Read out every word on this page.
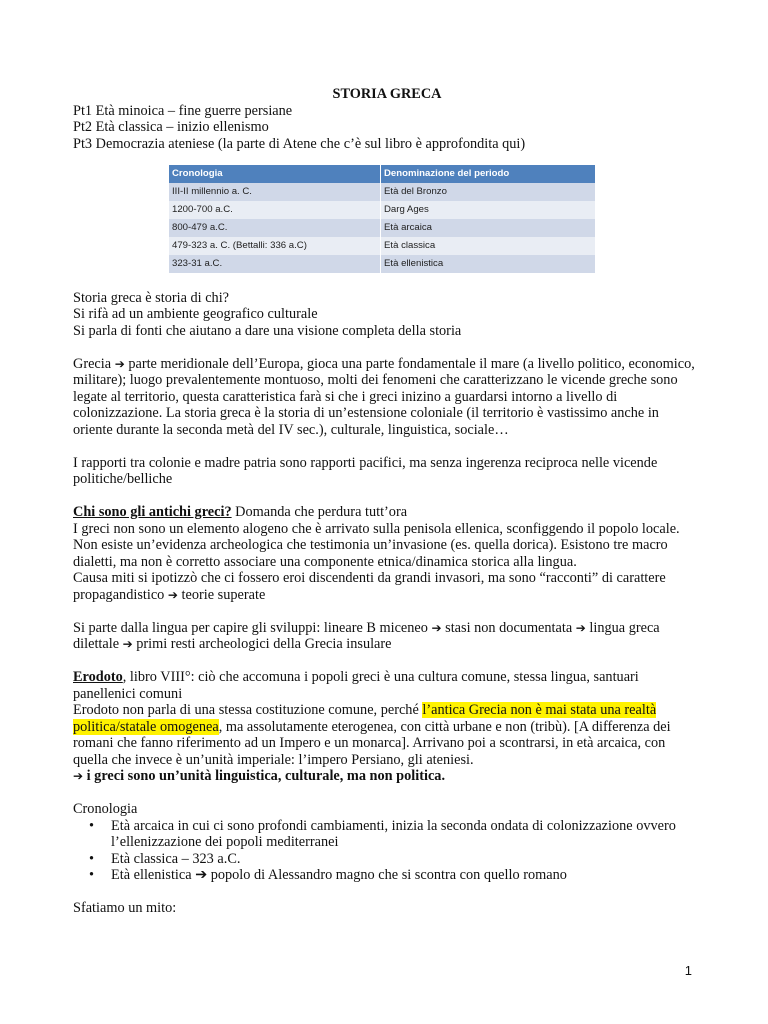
STORIA GRECA

Pt1 Età minoica – fine guerre persiane

Pt2 Età classica – inizio ellenismo

Pt3 Democrazia ateniese (la parte di Atene che c’è sul libro è approfondita qui)

Cronologia	Denominazione del periodo
III-II millennio a. C.	Età del Bronzo
1200-700 a.C.	Darg Ages
800-479 a.C.	Età arcaica
479-323 a. C. (Bettalli: 336 a.C)	Età classica
323-31 a.C.	Età ellenistica

Storia greca è storia di chi?

Si rifà ad un ambiente geografico culturale

Si parla di fonti che aiutano a dare una visione completa della storia

Grecia ➔ parte meridionale dell’Europa, gioca una parte fondamentale il mare (a livello politico, economico, militare); luogo prevalentemente montuoso, molti dei fenomeni che caratterizzano le vicende greche sono legate al territorio, questa caratteristica farà si che i greci inizino a guardarsi intorno a livello di colonizzazione. La storia greca è la storia di un’estensione coloniale (il territorio è vastissimo anche in oriente durante la seconda metà del IV sec.), culturale, linguistica, sociale…

I rapporti tra colonie e madre patria sono rapporti pacifici, ma senza ingerenza reciproca nelle vicende politiche/belliche

Chi sono gli antichi greci? Domanda che perdura tutt’ora

I greci non sono un elemento alogeno che è arrivato sulla penisola ellenica, sconfiggendo il popolo locale. Non esiste un’evidenza archeologica che testimonia un’invasione (es. quella dorica). Esistono tre macro dialetti, ma non è corretto associare una componente etnica/dinamica storica alla lingua.

Causa miti si ipotizzò che ci fossero eroi discendenti da grandi invasori, ma sono “racconti” di carattere propagandistico ➔ teorie superate

Si parte dalla lingua per capire gli sviluppi: lineare B miceneo ➔ stasi non documentata ➔ lingua greca dilettale ➔ primi resti archeologici della Grecia insulare

Erodoto, libro VIII°: ciò che accomuna i popoli greci è una cultura comune, stessa lingua, santuari panellenici comuni

Erodoto non parla di una stessa costituzione comune, perché l’antica Grecia non è mai stata una realtà politica/statale omogenea, ma assolutamente eterogenea, con città urbane e non (tribù). [A differenza dei romani che fanno riferimento ad un Impero e un monarca]. Arrivano poi a scontrarsi, in età arcaica, con quella che invece è un’unità imperiale: l’impero Persiano, gli ateniesi.

➔ i greci sono un’unità linguistica, culturale, ma non politica.

Cronologia

• Età arcaica in cui ci sono profondi cambiamenti, inizia la seconda ondata di colonizzazione ovvero l’ellenizzazione dei popoli mediterranei
• Età classica – 323 a.C.
• Età ellenistica ➔ popolo di Alessandro magno che si scontra con quello romano

Sfatiamo un mito:

1
